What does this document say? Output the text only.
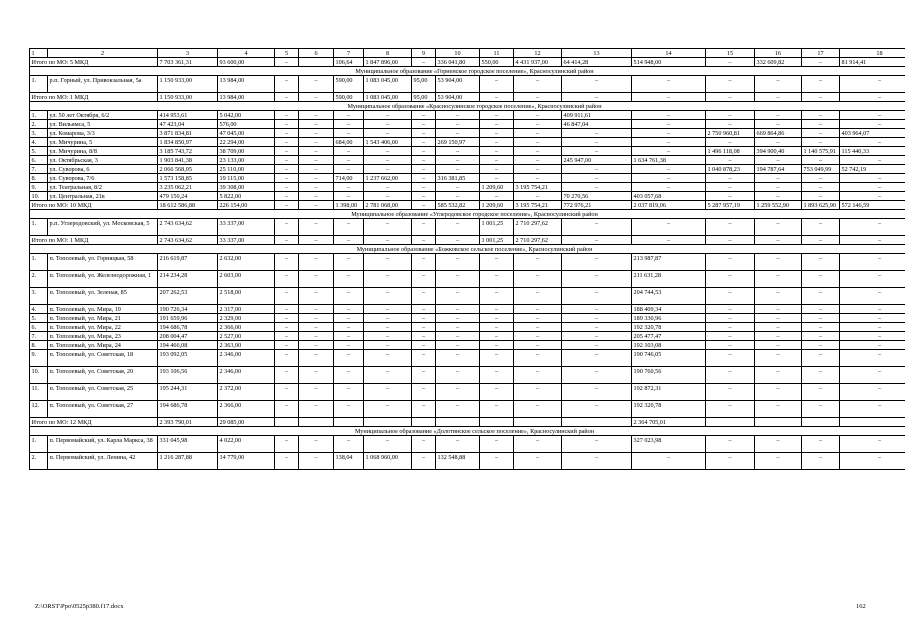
1	2	3	4	5	6	7	8	9	10	11	12	13	14	15	16	17	18
Итого по МО: 5 МКД		7 703 361,31	93 600,00	–		106,64	1 847 896,00	–	336 041,80	550,00	4 431 937,00	64 414,28	514 948,00	–	332 609,82	–	81 914,41
Муниципальное образование «Горненское городское поселение», Красносулинский район																	
1.	р.п. Горный, ул. Привокзальная, 5а	1 150 933,00	13 984,00	–	–	590,00	1 083 045,00	95,00	53 904,00	–	–	–	–	–	–	–	–
Итого по МО: 1 МКД		1 150 933,00	13 984,00	–	–	590,00	1 083 045,00	95,00	53 904,00	–	–	–	–	–	–	–	–
Муниципальное образование «Красносулинское городское поселение», Красносулинский район																	
1.	ул. 50 лет Октября, 6/2	414 953,61	5 042,00	–	–	–	–	–	–	–	–	409 911,61	–	–	–	–	–
2.	ул. Вильямса, 5	47 423,04	576,00	–	–	–	–	–	–	–	–	46 847,04	–	–	–	–	–
3.	ул. Комарова, 3/3	3 871 834,81	47 045,00	–	–	–	–	–	–	–	–	–	–	2 750 960,81	669 864,86	–	403 964,07
4.	ул. Мичурина, 5	1 834 850,97	22 294,00	–	–	684,00	1 543 406,00	–	269 150,97	–	–	–	–	–	–	–	–
5.	ул. Мичурина, 8/8	3 185 743,72	38 709,00	–	–	–	–	–	–	–	–	–	–	1 496 118,08	394 900,40	1 140 575,91	115 440,33
6.	ул. Октябрьская, 3	1 903 841,38	23 133,00	–	–	–	–	–	–	–	–	245 947,00	1 634 761,38	–	–	–	–
7.	ул. Суворова, 6	2 066 568,05	25 110,00	–	–	–	–	–	–	–	–	–	–	1 040 878,23	194 787,64	753 049,99	52 742,19
8.	ул. Суворова, 7/6	1 573 158,85	19 115,00	–	–	714,00	1 237 662,00	–	316 381,85	–	–	–	–	–	–	–	–
9.	ул. Театральная, 8/2	3 235 062,21	39 308,00	–	–	–	–	–	–	1 209,60	3 195 754,21	–	–	–	–	–	–
10.	ул. Центральная, 21в	479 150,24	5 822,00	–	–	–	–	–	–	–	–	70 270,56	403 057,68	–	–	–	–
Итого по МО: 10 МКД		18 612 586,88	226 154,00	–	–	1 398,00	2 781 068,00	–	585 532,82	1 209,60	3 195 754,21	772 976,21	2 037 819,06	5 287 957,19	1 259 552,90	1 893 625,90	572 146,59
Муниципальное образование «Углеродовское городское поселение», Красносулинский район																	
1.	р.п. Углеродовский, ул. Московская, 5	2 743 634,62	33 337,00	–	–	–	–	–	–	1 001,25	2 710 297,62	–	–	–	–	–	–
Итого по МО: 1 МКД		2 743 634,62	33 337,00	–	–	–	–	–	–	1 001,25	2 710 297,62	–	–	–	–	–	–
Муниципальное образование «Божковское сельское поселение», Красносулинский район																	
1.	п. Тополевый, ул. Горняцкая, 58	216 619,87	2 632,00	–	–	–	–	–	–	–	–	–	213 987,87	–	–	–	–
2.	п. Тополевый, ул. Железнодорожная, 1	214 234,28	2 603,00	–	–	–	–	–	–	–	–	–	211 631,28	–	–	–	–
3.	п. Тополевый, ул. Зеленая, 85	207 262,53	2 518,00	–	–	–	–	–	–	–	–	–	204 744,53	–	–	–	–
4.	п. Тополевый, ул. Мира, 19	190 726,34	2 317,00	–	–	–	–	–	–	–	–	–	188 409,34	–	–	–	–
5.	п. Тополевый, ул. Мира, 21	191 659,96	2 329,00	–	–	–	–	–	–	–	–	–	189 330,96	–	–	–	–
6.	п. Тополевый, ул. Мира, 22	194 686,78	2 366,00	–	–	–	–	–	–	–	–	–	192 320,78	–	–	–	–
7.	п. Тополевый, ул. Мира, 23	208 004,47	2 527,00	–	–	–	–	–	–	–	–	–	205 477,47	–	–	–	–
8.	п. Тополевый, ул. Мира, 24	194 466,08	2 363,00	–	–	–	–	–	–	–	–	–	192 103,08	–	–	–	–
9.	п. Тополевый, ул. Советская, 18	193 092,05	2 346,00	–	–	–	–	–	–	–	–	–	190 746,05	–	–	–	–
10.	п. Тополевый, ул. Советская, 20	193 106,56	2 346,00	–	–	–	–	–	–	–	–	–	190 760,56	–	–	–	–
11.	п. Тополевый, ул. Советская, 25	195 244,31	2 372,00	–	–	–	–	–	–	–	–	–	192 872,31	–	–	–	–
12.	п. Тополевый, ул. Советская, 27	194 686,78	2 366,00	–	–	–	–	–	–	–	–	–	192 320,78	–	–	–	–
Итого по МО: 12 МКД		2 393 790,01	29 085,00										2 364 705,01				
Муниципальное образование «Долотинское сельское поселение», Красносулинский район																	
1.	п. Первомайский, ул. Карла Маркса, 38	331 045,98	4 022,00	–	–	–	–	–	–	–	–	–	327 023,98	–	–	–	–
2.	п. Первомайский, ул. Ленина, 42	1 216 287,88	14 779,00	–	–	138,04	1 068 960,00	–	132 548,88	–	–	–	–	–	–	–	–
Z:\ORST\Ppo\0525p380.f17.docx	162
